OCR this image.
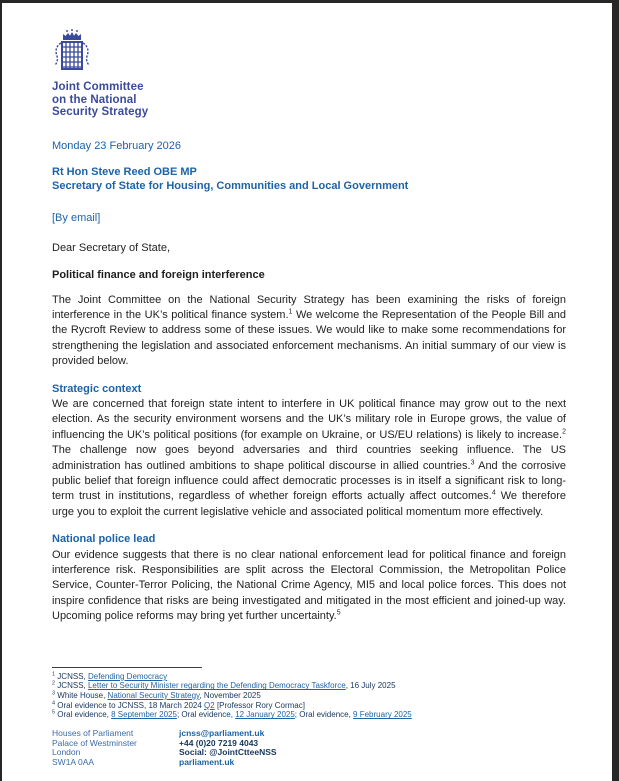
Joint Committee
on the National
Security Strategy
Monday 23 February 2026
Rt Hon Steve Reed OBE MP
Secretary of State for Housing, Communities and Local Government
[By email]
Dear Secretary of State,
Political finance and foreign interference

The Joint Committee on the National Security Strategy has been examining the risks of foreign interference in the UK’s political finance system.$^1$ We welcome the Representation of the People Bill and the Rycroft Review to address some of these issues. We would like to make some recommendations for strengthening the legislation and associated enforcement mechanisms. An initial summary of our view is provided below.

Strategic context
We are concerned that foreign state intent to interfere in UK political finance may grow out to the next election. As the security environment worsens and the UK’s military role in Europe grows, the value of influencing the UK’s political positions (for example on Ukraine, or US/EU relations) is likely to increase.$^2$ The challenge now goes beyond adversaries and third countries seeking influence. The US administration has outlined ambitions to shape political discourse in allied countries.$^3$ And the corrosive public belief that foreign influence could affect democratic processes is in itself a significant risk to long-term trust in institutions, regardless of whether foreign efforts actually affect outcomes.$^4$ We therefore urge you to exploit the current legislative vehicle and associated political momentum more effectively.
National police lead
Our evidence suggests that there is no clear national enforcement lead for political finance and foreign interference risk. Responsibilities are split across the Electoral Commission, the Metropolitan Police Service, Counter-Terror Policing, the National Crime Agency, MI5 and local police forces. This does not inspire confidence that risks are being investigated and mitigated in the most efficient and joined-up way. Upcoming police reforms may bring yet further uncertainty.$^5$
$^1$ JCNSS, Defending Democracy
$^2$ JCNSS, Letter to Security Minister regarding the Defending Democracy Taskforce, 16 July 2025
$^3$ White House, National Security Strategy, November 2025
$^4$ Oral evidence to JCNSS, 18 March 2024 Q2 [Professor Rory Cormac]
$^5$ Oral evidence, 8 September 2025; Oral evidence, 12 January 2025; Oral evidence, 9 February 2025
Houses of Parliament
Palace of Westminster
London
SW1A 0AA
jcnss@parliament.uk
+44 (0)20 7219 4043
Social: @JointCtteeNSS
parliament.uk
